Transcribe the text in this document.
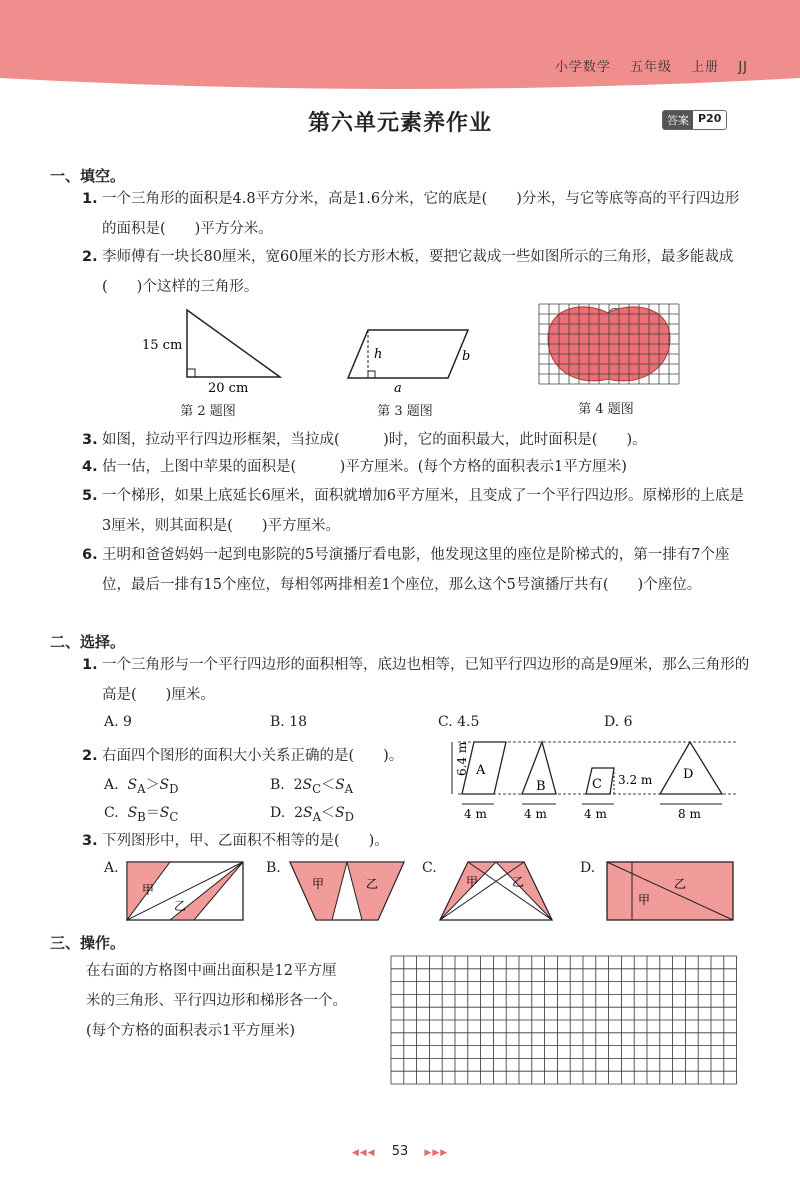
小学数学 五年级 上册 JJ
第六单元素养作业	答案 P20
一、填空。
1. 一个三角形的面积是4.8平方分米，高是1.6分米，它的底是(　　)分米，与它等底等高的平行四边形的面积是(　　)平方分米。
2. 李师傅有一块长80厘米，宽60厘米的长方形木板，要把它裁成一些如图所示的三角形，最多能裁成(　　)个这样的三角形。
15 cm
20 cm
第 2 题图
h	b
a
第 3 题图	第 4 题图
3. 如图，拉动平行四边形框架，当拉成(　　　)时，它的面积最大，此时面积是(　　)。
4. 估一估，上图中苹果的面积是(　　　)平方厘米。(每个方格的面积表示1平方厘米)
5. 一个梯形，如果上底延长6厘米，面积就增加6平方厘米，且变成了一个平行四边形。原梯形的上底是3厘米，则其面积是(　　)平方厘米。
6. 王明和爸爸妈妈一起到电影院的5号演播厅看电影，他发现这里的座位是阶梯式的，第一排有7个座位，最后一排有15个座位，每相邻两排相差1个座位，那么这个5号演播厅共有(　　)个座位。
二、选择。
1. 一个三角形与一个平行四边形的面积相等，底边也相等，已知平行四边形的高是9厘米，那么三角形的高是(　　)厘米。
A. 9	B. 18	C. 4.5	D. 6
2. 右面四个图形的面积大小关系正确的是(　　)。
A.  $S_A>S_D$	B.  $2S_C<S_A$
C.  $S_B=S_C$	D.  $2S_A<S_D$
6.4 m A
B	C
D
3.2 m
4 m	4 m	4 m	8 m
3. 下列图形中，甲、乙面积不相等的是(　　)。
A.
甲
乙
B.
甲	乙
C.
甲	乙
D.
甲
乙
三、操作。
在右面的方格图中画出面积是12平方厘
米的三角形、平行四边形和梯形各一个。
(每个方格的面积表示1平方厘米)
◀◀◀ 53 ▶▶▶
